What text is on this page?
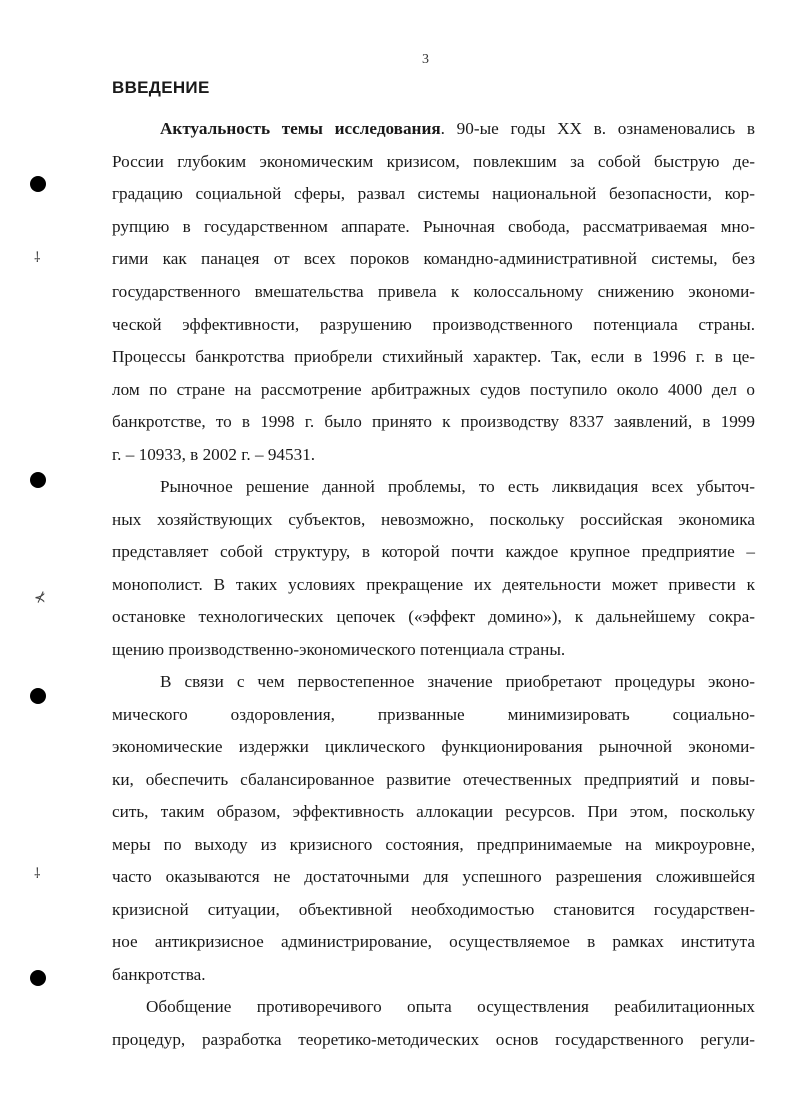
3
ВВЕДЕНИЕ
⸸
⊀
⸸
Актуальность темы исследования. 90-ые годы XX в. ознаменовались в
России глубоким экономическим кризисом, повлекшим за собой быструю де-
градацию социальной сферы, развал системы национальной безопасности, кор-
рупцию в государственном аппарате. Рыночная свобода, рассматриваемая мно-
гими как панацея от всех пороков командно-административной системы, без
государственного вмешательства привела к колоссальному снижению экономи-
ческой эффективности, разрушению производственного потенциала страны.
Процессы банкротства приобрели стихийный характер. Так, если в 1996 г. в це-
лом по стране на рассмотрение арбитражных судов поступило около 4000 дел о
банкротстве, то в 1998 г. было принято к производству 8337 заявлений, в 1999
г. – 10933, в 2002 г. – 94531.
Рыночное решение данной проблемы, то есть ликвидация всех убыточ-
ных хозяйствующих субъектов, невозможно, поскольку российская экономика
представляет собой структуру, в которой почти каждое крупное предприятие –
монополист. В таких условиях прекращение их деятельности может привести к
остановке технологических цепочек («эффект домино»), к дальнейшему сокра-
щению производственно-экономического потенциала страны.
В связи с чем первостепенное значение приобретают процедуры эконо-
мического оздоровления, призванные минимизировать социально-
экономические издержки циклического функционирования рыночной экономи-
ки, обеспечить сбалансированное развитие отечественных предприятий и повы-
сить, таким образом, эффективность аллокации ресурсов. При этом, поскольку
меры по выходу из кризисного состояния, предпринимаемые на микроуровне,
часто оказываются не достаточными для успешного разрешения сложившейся
кризисной ситуации, объективной необходимостью становится государствен-
ное антикризисное администрирование, осуществляемое в рамках института
банкротства.
Обобщение противоречивого опыта осуществления реабилитационных
процедур, разработка теоретико-методических основ государственного регули-
